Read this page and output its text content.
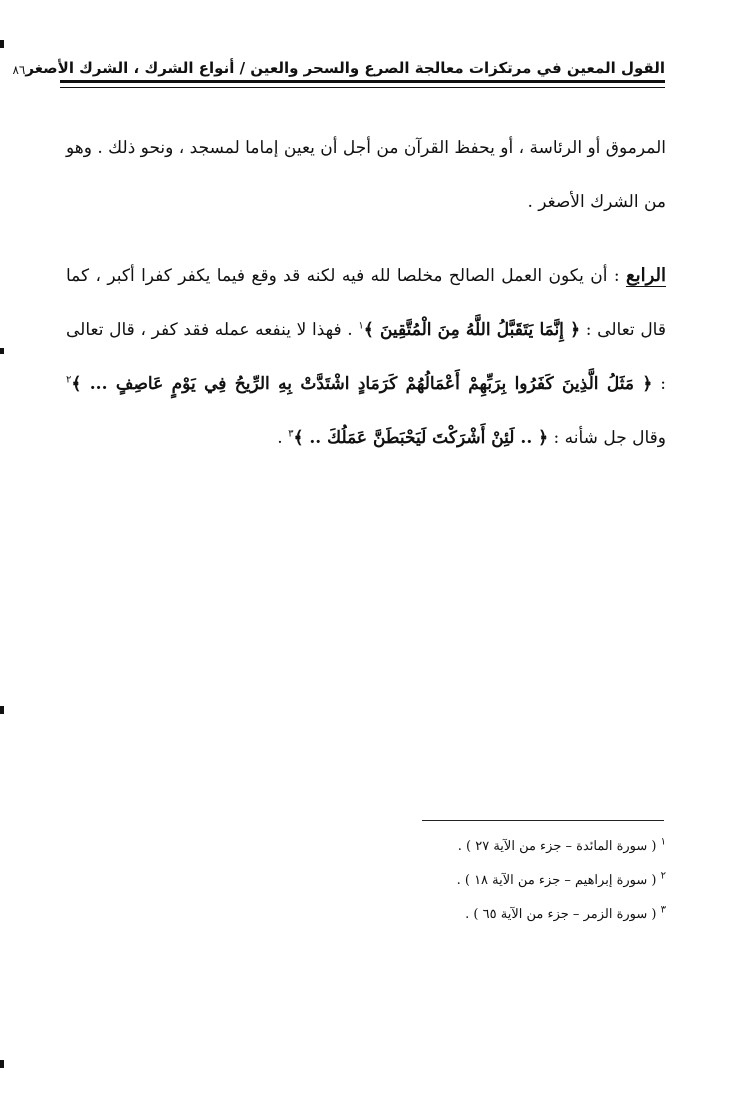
القول المعين في مرتكزات معالجة الصرع والسحر والعين / أنواع الشرك ، الشرك الأصغر
٨٦

المرموق أو الرئاسة ، أو يحفظ القرآن من أجل أن يعين إماما لمسجد ، ونحو ذلك . وهو من الشرك الأصغر .

الرابع : أن يكون العمل الصالح مخلصا لله فيه لكنه قد وقع فيما يكفر كفرا أكبر ، كما قال تعالى : ﴿ إِنَّمَا يَتَقَبَّلُ اللَّهُ مِنَ الْمُتَّقِينَ ﴾$^١$ . فهذا لا ينفعه عمله فقد كفر ، قال تعالى : ﴿ مَثَلُ الَّذِينَ كَفَرُوا بِرَبِّهِمْ أَعْمَالُهُمْ كَرَمَادٍ اشْتَدَّتْ بِهِ الرِّيحُ فِي يَوْمٍ عَاصِفٍ ... ﴾$^٢$ وقال جل شأنه : ﴿ .. لَئِنْ أَشْرَكْتَ لَيَحْبَطَنَّ عَمَلُكَ .. ﴾$^٣$ .

$^١$ ( سورة المائدة – جزء من الآية ٢٧ ) .
$^٢$ ( سورة إبراهيم – جزء من الآية ١٨ ) .
$^٣$ ( سورة الزمر – جزء من الآية ٦٥ ) .
